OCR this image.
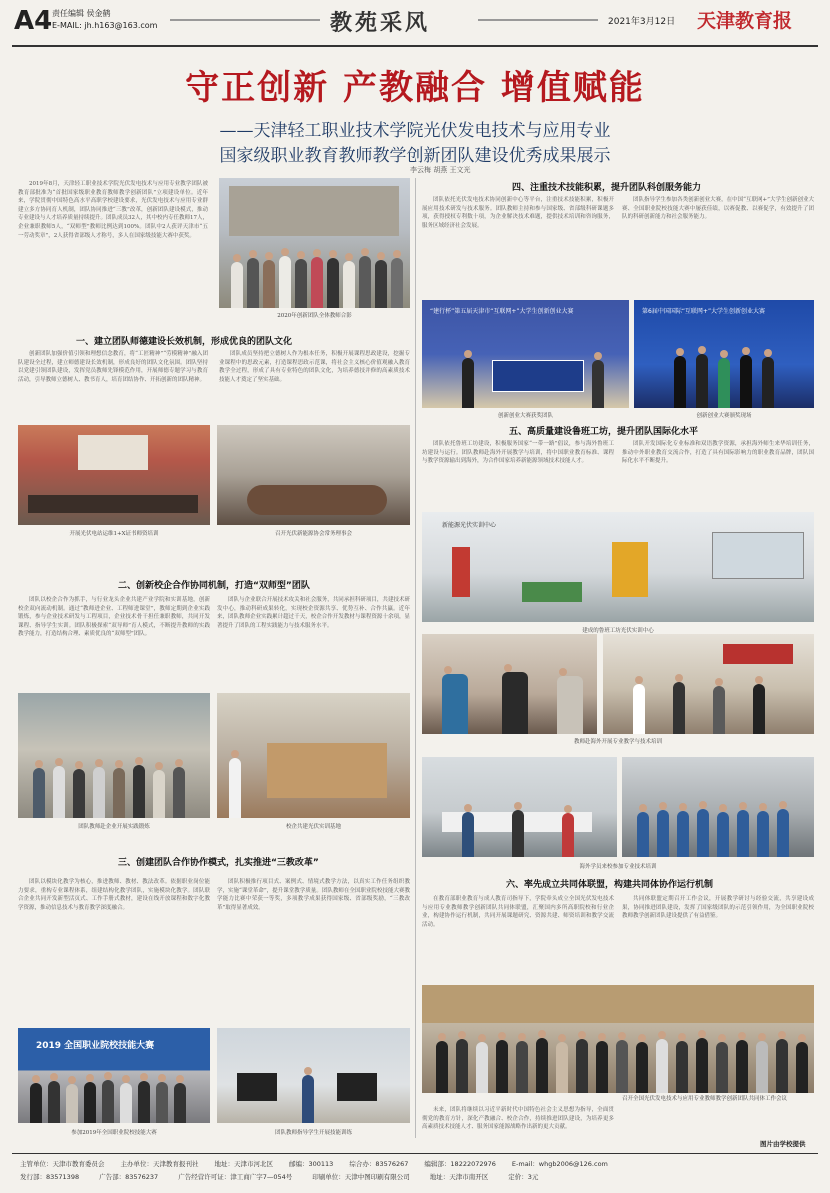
A4 责任编辑 侯金鹤
E-MAIL: jh.h163@163.com	教苑采风	2021年3月12日 天津教育报
守正创新 产教融合 增值赋能
——天津轻工职业技术学院光伏发电技术与应用专业
国家级职业教育教师教学创新团队建设优秀成果展示
李云梅 胡燕 王文光

2019年8月，天津轻工职业技术学院光伏发电技术与应用专业教学团队被教育部批准为“首批国家级职业教育教师教学创新团队”立项建设单位。近年来，学院贯彻中国特色高水平高职学校建设要求，光伏发电技术与应用专业群建立多方协同育人机制，团队协同推进“三教”改革，创新团队建设模式，推动专业建设与人才培养质量持续提升。团队成员32人，其中校内专任教师17人，企业兼职教师5人，“双师型”教师比例达到100%。团队中2人获评天津市“五一劳动奖章”，2人获得省部级人才称号，多人在国家级技能大赛中获奖。

2020年创新团队全体教师合影
一、建立团队师德建设长效机制，形成优良的团队文化

创新团队加强价值引领和理想信念教育，将“工匠精神”“劳模精神”融入团队建设全过程，建立师德建设长效机制，形成良好的团队文化氛围。团队坚持以党建引领团队建设，发挥党员教师先锋模范作用，开展师德专题学习与教育活动，引导教师立德树人、教书育人，培育团结协作、开拓创新的团队精神。

团队成员坚持把立德树人作为根本任务，积极开展课程思政建设，挖掘专业课程中的思政元素，打造课程思政示范课，将社会主义核心价值观融入教育教学全过程，形成了具有专业特色的团队文化，为培养德技并修的高素质技术技能人才奠定了坚实基础。

开展光伏电站运维1+X证书师资培训	召开光伏新能源协会常务理事会
二、创新校企合作协同机制，打造“双师型”团队

团队以校企合作为抓手，与行业龙头企业共建产业学院和实训基地，创新校企双向流动机制。通过“教师进企业、工程师进课堂”，教师定期到企业实践锻炼，参与企业技术研发与工程项目，企业技术骨干担任兼职教师，共同开发课程、指导学生实训。团队积极探索“双导师”育人模式，不断提升教师的实践教学能力，打造结构合理、素质优良的“双师型”团队。

团队与企业联合开展技术攻关和社会服务，共同承担科研项目，共建技术研发中心，推动科研成果转化，实现校企资源共享、优势互补、合作共赢。近年来，团队教师企业实践累计超过千天，校企合作开发教材与课程资源十余项，显著提升了团队的工程实践能力与技术服务水平。

团队教师赴企业开展实践锻炼	校企共建光伏实训基地
三、创建团队合作协作模式，扎实推进“三教改革”

团队以模块化教学为核心，推进教师、教材、教法改革。依据职业岗位能力要求，重构专业课程体系，组建结构化教学团队，实施模块化教学。团队联合企业共同开发新型活页式、工作手册式教材，建设在线开放课程和数字化教学资源，推动信息技术与教育教学深度融合。

团队积极推行项目式、案例式、情境式教学方法，以真实工作任务组织教学，实施“课堂革命”，提升课堂教学质量。团队教师在全国职业院校技能大赛教学能力比赛中荣获一等奖，多项教学成果获得国家级、省部级奖励，“三教改革”取得显著成效。

2019 全国职业院校技能大赛
参加2019年全国职业院校技能大赛	团队教师指导学生开展技能训练
四、注重技术技能积累，提升团队科创服务能力

团队依托光伏发电技术协同创新中心等平台，注重技术技能积累，积极开展应用技术研发与技术服务。团队教师主持和参与国家级、省部级科研课题多项，获得授权专利数十项，为企业解决技术难题，提供技术培训和咨询服务，服务区域经济社会发展。

团队指导学生参加各类创新创业大赛，在中国“互联网+”大学生创新创业大赛、全国职业院校技能大赛中屡获佳绩，以赛促教、以赛促学，有效提升了团队的科研创新能力和社会服务能力。

“建行杯”第五届天津市“互联网+”大学生创新创业大赛
创新创业大赛获奖团队
第6届中国国际“互联网+”大学生创新创业大赛
创新创业大赛颁奖现场
五、高质量建设鲁班工坊，提升团队国际化水平

团队依托鲁班工坊建设，积极服务国家“一带一路”倡议，参与海外鲁班工坊建设与运行。团队教师赴海外开展教学与培训，将中国职业教育标准、课程与教学资源输出到海外，为合作国家培养新能源领域技术技能人才。

团队开发国际化专业标准和双语教学资源，承担海外师生来华培训任务，推动中外职业教育交流合作，打造了具有国际影响力的职业教育品牌，团队国际化水平不断提升。

新能源光伏实训中心
建成的鲁班工坊光伏实训中心
教师赴海外开展专业教学与技术培训
海外学员来校参加专业技术培训
六、率先成立共同体联盟，构建共同体协作运行机制

在教育部职业教育与成人教育司指导下，学院牵头成立全国光伏发电技术与应用专业教师教学创新团队共同体联盟，汇聚国内多所高职院校和行业企业，构建协作运行机制，共同开展课题研究、资源共建、师资培训和教学交流活动。

共同体联盟定期召开工作会议，开展教学研讨与经验交流，共享建设成果，协同推进团队建设，发挥了国家级团队的示范引领作用，为全国职业院校教师教学创新团队建设提供了有益借鉴。

召开全国光伏发电技术与应用专业教师教学创新团队共同体工作会议

未来，团队将继续以习近平新时代中国特色社会主义思想为指导，全面贯彻党的教育方针，深化产教融合、校企合作，持续推进团队建设，为培养更多高素质技术技能人才、服务国家能源战略作出新的更大贡献。

图片由学校提供
主管单位：天津市教育委员会 主办单位：天津教育报刊社 地址：天津市河北区 邮编：300113 综合办：83576267 编辑部：18222072976 E-mail：whgb2006@126.com
发行部：83571398	广告部：83576237	广告经营许可证：津工商广字7—054号	印刷单位：天津中图印刷有限公司	地址：天津市南开区	定价：3元
